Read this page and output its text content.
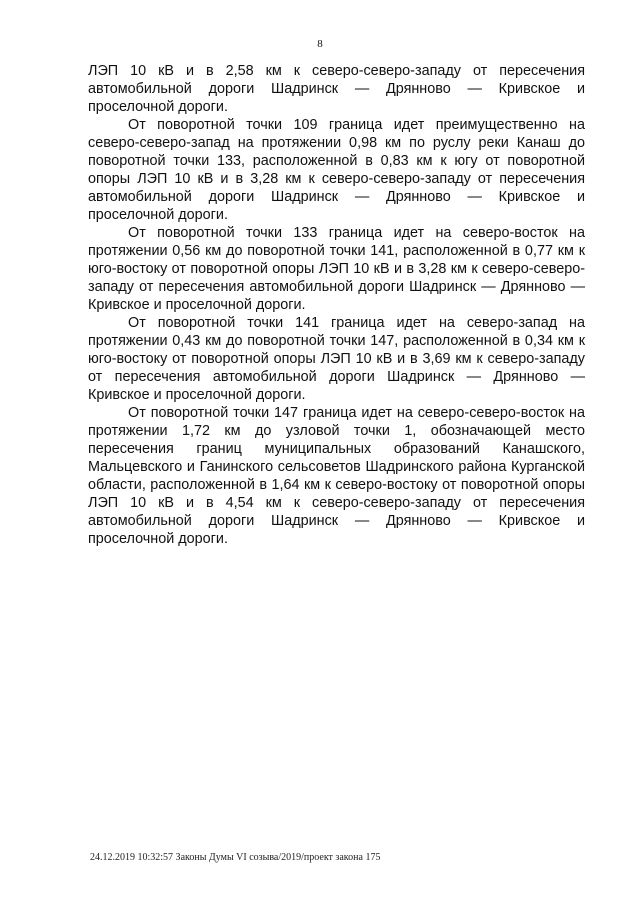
8

ЛЭП 10 кВ и в 2,58 км к северо-северо-западу от пересечения автомобильной дороги Шадринск — Дрянново — Кривское и проселочной дороги.

От поворотной точки 109 граница идет преимущественно на северо-северо-запад на протяжении 0,98 км по руслу реки Канаш до поворотной точки 133, расположенной в 0,83 км к югу от поворотной опоры ЛЭП 10 кВ и в 3,28 км к северо-северо-западу от пересечения автомобильной дороги Шадринск — Дрянново — Кривское и проселочной дороги.

От поворотной точки 133 граница идет на северо-восток на протяжении 0,56 км до поворотной точки 141, расположенной в 0,77 км к юго-востоку от поворотной опоры ЛЭП 10 кВ и в 3,28 км к северо-северо-западу от пересечения автомобильной дороги Шадринск — Дрянново — Кривское и проселочной дороги.

От поворотной точки 141 граница идет на северо-запад на протяжении 0,43 км до поворотной точки 147, расположенной в 0,34 км к юго-востоку от поворотной опоры ЛЭП 10 кВ и в 3,69 км к северо-западу от пересечения автомобильной дороги Шадринск — Дрянново — Кривское и проселочной дороги.

От поворотной точки 147 граница идет на северо-северо-восток на протяжении 1,72 км до узловой точки 1, обозначающей место пересечения границ муниципальных образований Канашского, Мальцевского и Ганинского сельсоветов Шадринского района Курганской области, расположенной в 1,64 км к северо-востоку от поворотной опоры ЛЭП 10 кВ и в 4,54 км к северо-северо-западу от пересечения автомобильной дороги Шадринск — Дрянново — Кривское и проселочной дороги.

24.12.2019 10:32:57 Законы Думы VI созыва/2019/проект закона 175
